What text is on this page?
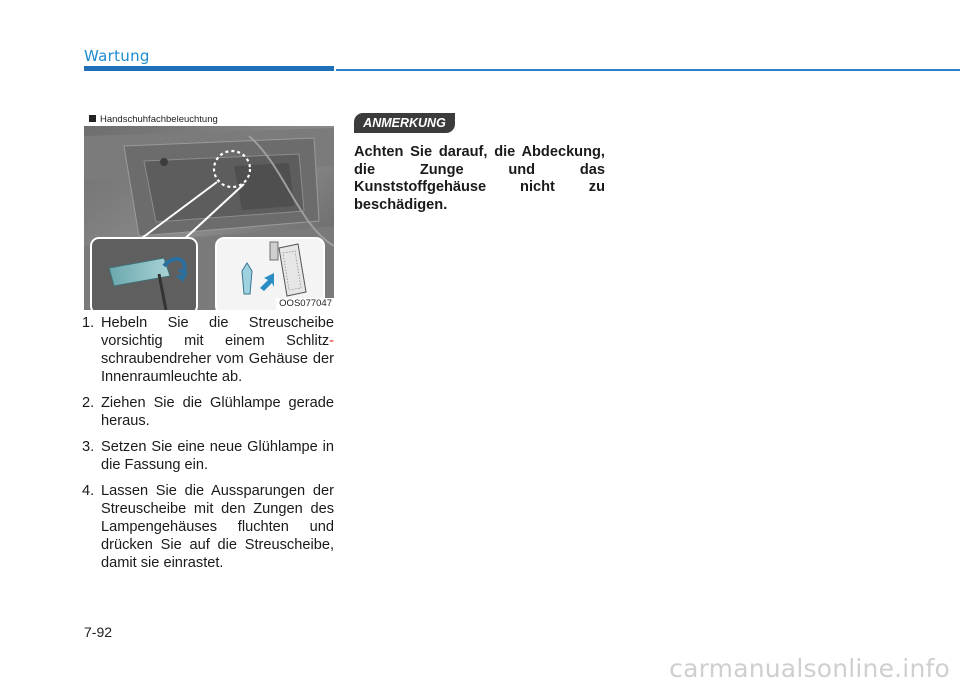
Wartung
Handschuhfachbeleuchtung
OOS077047
1. Hebeln Sie die Streuscheibe vorsichtig mit einem Schlitz- schraubendreher vom Gehäuse der Innenraumleuchte ab.
2. Ziehen Sie die Glühlampe gerade heraus.
3. Setzen Sie eine neue Glühlampe in die Fassung ein.
4. Lassen Sie die Aussparungen der Streuscheibe mit den Zungen des Lampengehäuses fluchten und drücken Sie auf die Streuscheibe, damit sie einrastet.
ANMERKUNG

Achten Sie darauf, die Abdeckung, die Zunge und das Kunststoffgehäuse nicht zu beschädigen.

7-92
carmanualsonline.info
